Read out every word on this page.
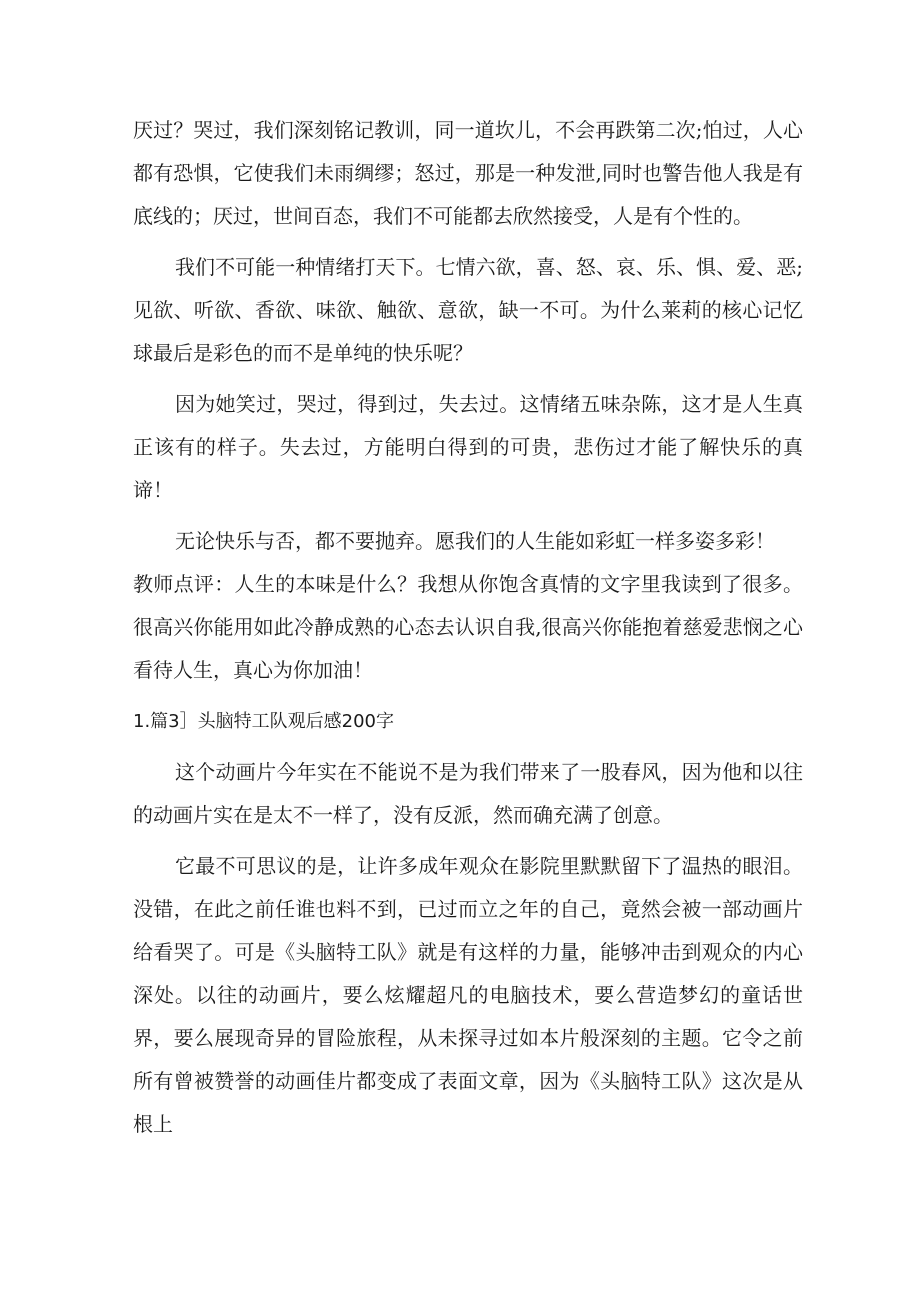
厌过？哭过，我们深刻铭记教训，同一道坎儿，不会再跌第二次;怕过，人心都有恐惧，它使我们未雨绸缪；怒过，那是一种发泄,同时也警告他人我是有底线的；厌过，世间百态，我们不可能都去欣然接受，人是有个性的。

我们不可能一种情绪打天下。七情六欲，喜、怒、哀、乐、惧、爱、恶;见欲、听欲、香欲、味欲、触欲、意欲，缺一不可。为什么莱莉的核心记忆球最后是彩色的而不是单纯的快乐呢？

因为她笑过，哭过，得到过，失去过。这情绪五味杂陈，这才是人生真正该有的样子。失去过，方能明白得到的可贵，悲伤过才能了解快乐的真谛！

无论快乐与否，都不要抛弃。愿我们的人生能如彩虹一样多姿多彩！

教师点评：人生的本味是什么？我想从你饱含真情的文字里我读到了很多。很高兴你能用如此冷静成熟的心态去认识自我,很高兴你能抱着慈爱悲悯之心看待人生，真心为你加油！

1.篇3］头脑特工队观后感200字

这个动画片今年实在不能说不是为我们带来了一股春风，因为他和以往的动画片实在是太不一样了，没有反派，然而确充满了创意。

它最不可思议的是，让许多成年观众在影院里默默留下了温热的眼泪。没错，在此之前任谁也料不到，已过而立之年的自己，竟然会被一部动画片给看哭了。可是《头脑特工队》就是有这样的力量，能够冲击到观众的内心深处。以往的动画片，要么炫耀超凡的电脑技术，要么营造梦幻的童话世界，要么展现奇异的冒险旅程，从未探寻过如本片般深刻的主题。它令之前所有曾被赞誉的动画佳片都变成了表面文章，因为《头脑特工队》这次是从根上
